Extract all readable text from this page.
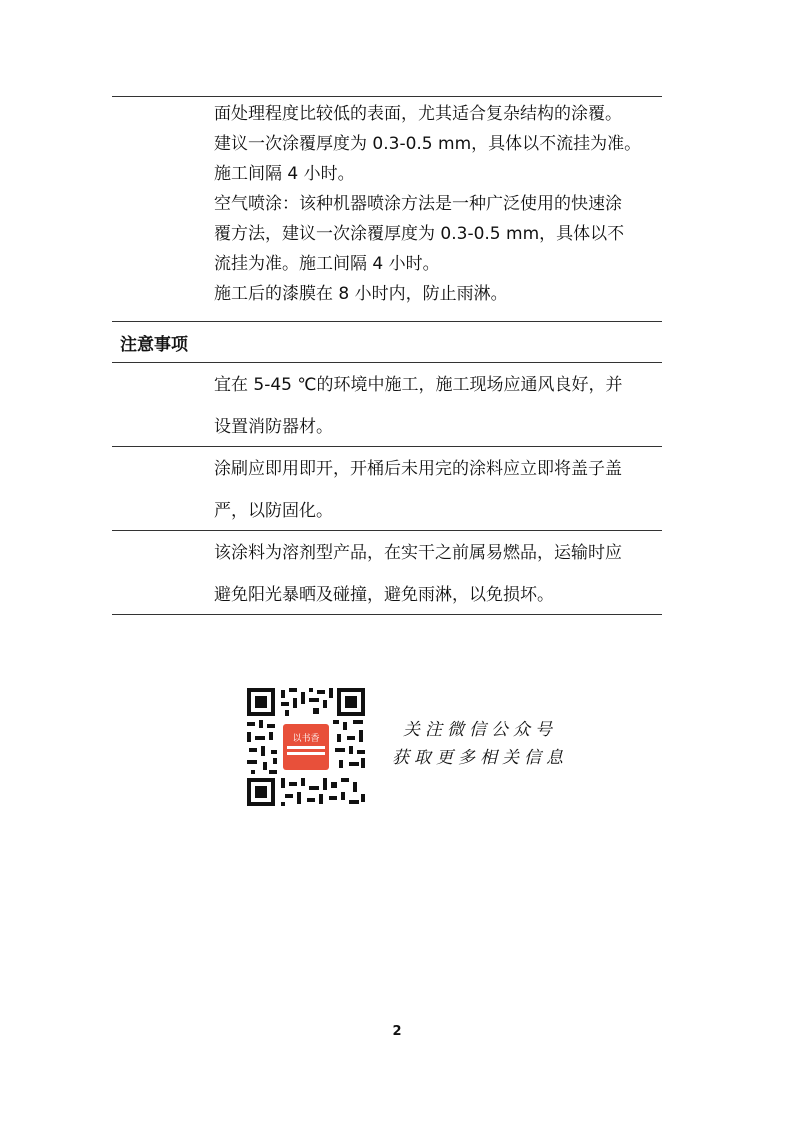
面处理程度比较低的表面，尤其适合复杂结构的涂覆。

建议一次涂覆厚度为 0.3-0.5 mm，具体以不流挂为准。

施工间隔 4 小时。

空气喷涂：该种机器喷涂方法是一种广泛使用的快速涂

覆方法，建议一次涂覆厚度为 0.3-0.5 mm，具体以不

流挂为准。施工间隔 4 小时。

施工后的漆膜在 8 小时内，防止雨淋。

注意事项

宜在 5-45 ℃的环境中施工，施工现场应通风良好，并

设置消防器材。

涂刷应即用即开，开桶后未用完的涂料应立即将盖子盖

严，以防固化。

该涂料为溶剂型产品，在实干之前属易燃品，运输时应

避免阳光暴晒及碰撞，避免雨淋，以免损坏。

以书香	关注微信公众号
获取更多相关信息
2
